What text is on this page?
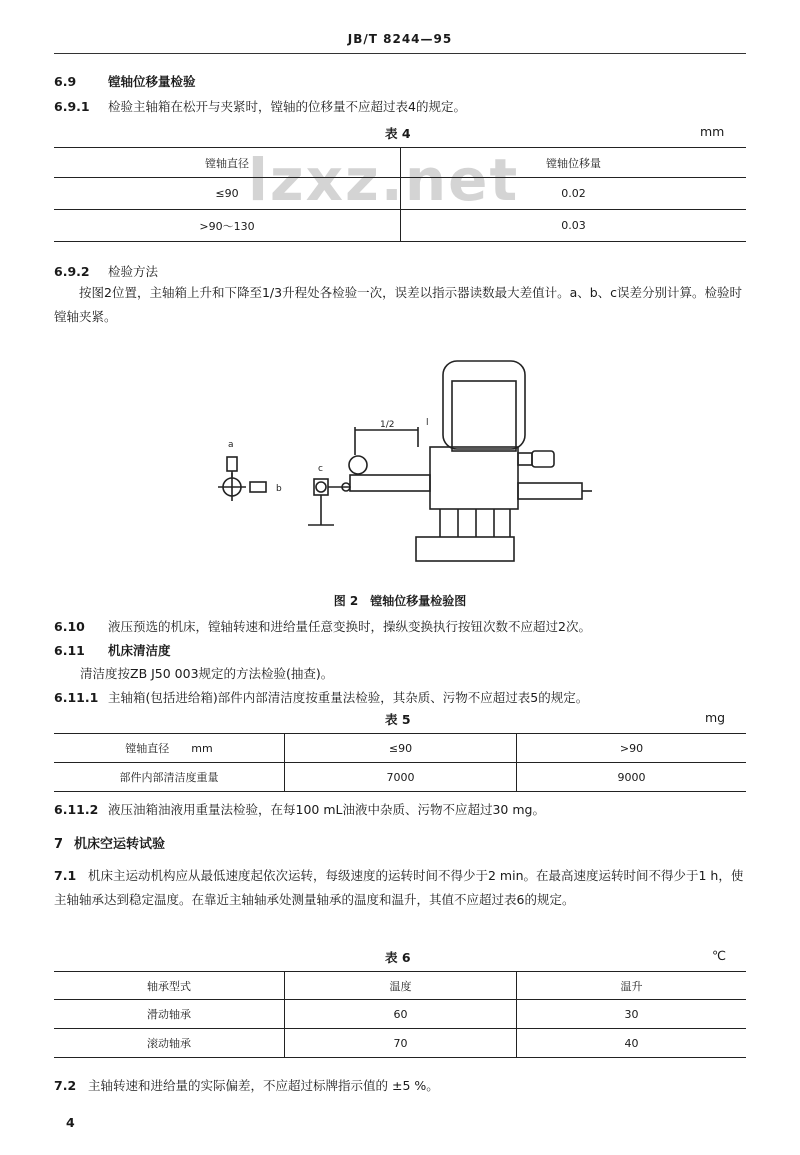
JB/T 8244—95
lzxz.net
6.9	镗轴位移量检验
6.9.1 检验主轴箱在松开与夹紧时，镗轴的位移量不应超过表4的规定。
表 4	mm
镗轴直径	镗轴位移量
≤90	0.02
>90～130	0.03
6.9.2 检验方法
按图2位置，主轴箱上升和下降至1/3升程处各检验一次，误差以指示器读数最大差值计。a、b、c误差分别计算。检验时镗轴夹紧。
a
b
c
1/2	l
图 2　镗轴位移量检验图
6.10 液压预选的机床，镗轴转速和进给量任意变换时，操纵变换执行按钮次数不应超过2次。
6.11 机床清洁度
清洁度按ZB J50 003规定的方法检验(抽查)。
6.11.1 主轴箱(包括进给箱)部件内部清洁度按重量法检验，其杂质、污物不应超过表5的规定。
表 5	mg
镗轴直径　　mm	≤90	>90
部件内部清洁度重量	7000	9000
6.11.2 液压油箱油液用重量法检验，在每100 mL油液中杂质、污物不应超过30 mg。
7 机床空运转试验
7.1 机床主运动机构应从最低速度起依次运转，每级速度的运转时间不得少于2 min。在最高速度运转时间不得少于1 h，使主轴轴承达到稳定温度。在靠近主轴轴承处测量轴承的温度和温升，其值不应超过表6的规定。
表 6	℃
轴承型式	温度	温升
滑动轴承	60	30
滚动轴承	70	40
7.2 主轴转速和进给量的实际偏差，不应超过标牌指示值的 ±5 %。
4
